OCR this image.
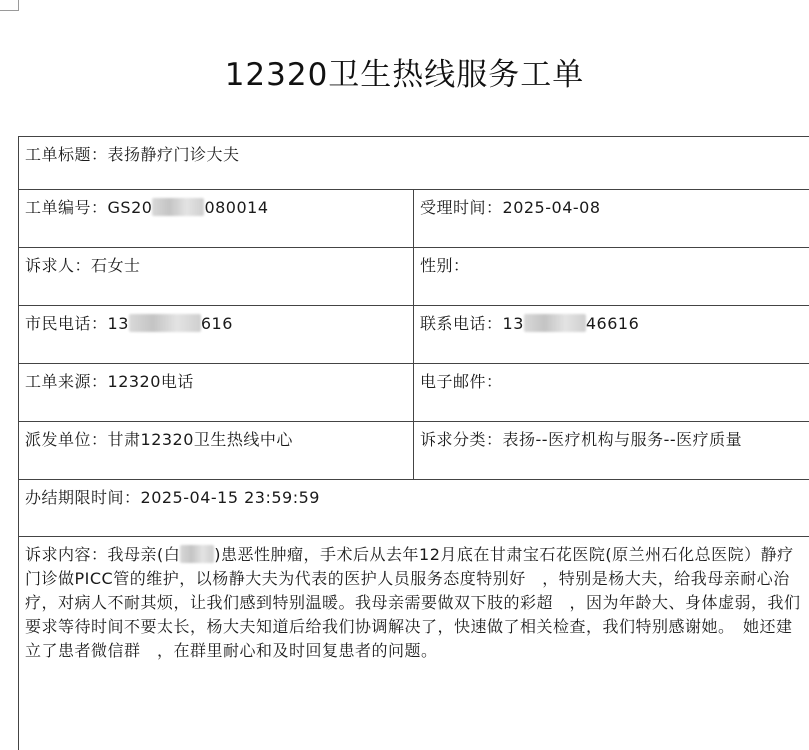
12320卫生热线服务工单
工单标题：表扬静疗门诊大夫	
工单编号：GS20 080014	受理时间：2025-04-08
诉求人：石女士	性别：
市民电话：13 616	联系电话：13 46616
工单来源：12320电话	电子邮件：
派发单位：甘肃12320卫生热线中心	诉求分类：表扬--医疗机构与服务--医疗质量
办结期限时间：2025-04-15 23:59:59	
诉求内容：我母亲(白 )患恶性肿瘤，手术后从去年12月底在甘肃宝石花医院(原兰州石化总医院）静疗门诊做PICC管的维护，以杨静大夫为代表的医护人员服务态度特别好　，特别是杨大夫，给我母亲耐心治疗，对病人不耐其烦，让我们感到特别温暖。我母亲需要做双下肢的彩超　，因为年龄大、身体虚弱，我们要求等待时间不要太长，杨大夫知道后给我们协调解决了，快速做了相关检查，我们特别感谢她。　她还建立了患者微信群　，在群里耐心和及时回复患者的问题。	
